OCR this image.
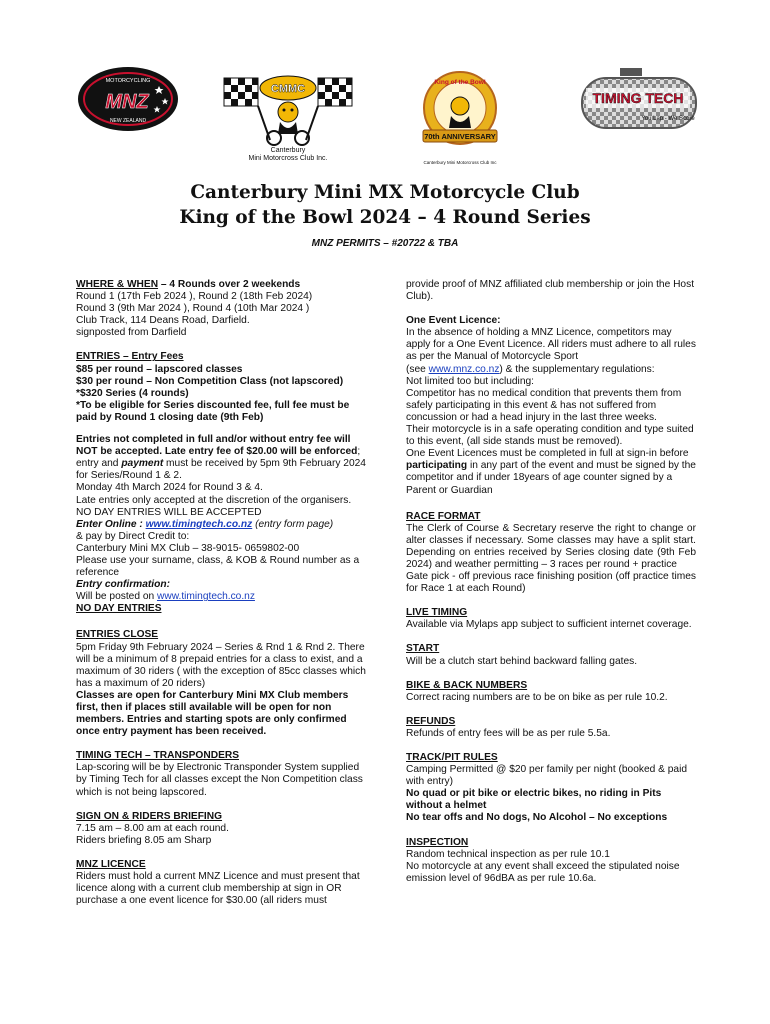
MOTORCYCLING
MNZ
NEW ZEALAND
CMMC
Canterbury
Mini Motorcross Club Inc.
King of the Bowl
70th ANNIVERSARY
Canterbury Mini Motorcross Club Inc
TIMING TECH
You Lap - We Score
Canterbury Mini MX Motorcycle Club
King of the Bowl 2024 – 4 Round Series
MNZ PERMITS – #20722 & TBA
WHERE & WHEN – 4 Rounds over 2 weekends
Round 1 (17th Feb 2024 ), Round 2 (18th Feb 2024)
Round 3 (9th Mar 2024 ), Round 4 (10th Mar 2024 )
Club Track, 114 Deans Road, Darfield.
signposted from Darfield
ENTRIES – Entry Fees
$85 per round – lapscored classes
$30 per round – Non Competition Class (not lapscored)
*$320 Series (4 rounds)
*To be eligible for Series discounted fee, full fee must be paid by Round 1 closing date (9th Feb)
Entries not completed in full and/or without entry fee will NOT be accepted. Late entry fee of $20.00 will be enforced; entry and payment must be received by 5pm 9th February 2024 for Series/Round 1 & 2.
Monday 4th March 2024 for Round 3 & 4.
Late entries only accepted at the discretion of the organisers.
NO DAY ENTRIES WILL BE ACCEPTED
Enter Online : www.timingtech.co.nz (entry form page)
& pay by Direct Credit to:
Canterbury Mini MX Club – 38-9015- 0659802-00
Please use your surname, class, & KOB & Round number as a reference
Entry confirmation:
Will be posted on www.timingtech.co.nz
NO DAY ENTRIES
ENTRIES CLOSE
5pm Friday 9th February 2024 – Series & Rnd 1 & Rnd 2. There will be a minimum of 8 prepaid entries for a class to exist, and a maximum of 30 riders ( with the exception of 85cc classes which has a maximum of 20 riders)
Classes are open for Canterbury Mini MX Club members first, then if places still available will be open for non members. Entries and starting spots are only confirmed once entry payment has been received.
TIMING TECH – TRANSPONDERS
Lap-scoring will be by Electronic Transponder System supplied by Timing Tech for all classes except the Non Competition class which is not being lapscored.
SIGN ON & RIDERS BRIEFING
7.15 am – 8.00 am at each round.
Riders briefing 8.05 am Sharp
MNZ LICENCE
Riders must hold a current MNZ Licence and must present that licence along with a current club membership at sign in OR purchase a one event licence for $30.00 (all riders must
provide proof of MNZ affiliated club membership or join the Host Club).
One Event Licence:
In the absence of holding a MNZ Licence, competitors may apply for a One Event Licence. All riders must adhere to all rules as per the Manual of Motorcycle Sport
(see www.mnz.co.nz) & the supplementary regulations:
Not limited too but including:
Competitor has no medical condition that prevents them from safely participating in this event & has not suffered from concussion or had a head injury in the last three weeks.
Their motorcycle is in a safe operating condition and type suited to this event, (all side stands must be removed).
One Event Licences must be completed in full at sign-in before participating in any part of the event and must be signed by the competitor and if under 18years of age counter signed by a Parent or Guardian
RACE FORMAT
The Clerk of Course & Secretary reserve the right to change or alter classes if necessary. Some classes may have a split start. Depending on entries received by Series closing date (9th Feb 2024) and weather permitting – 3 races per round + practice
Gate pick - off previous race finishing position (off practice times for Race 1 at each Round)
LIVE TIMING
Available via Mylaps app subject to sufficient internet coverage.
START
Will be a clutch start behind backward falling gates.
BIKE & BACK NUMBERS
Correct racing numbers are to be on bike as per rule 10.2.
REFUNDS
Refunds of entry fees will be as per rule 5.5a.
TRACK/PIT RULES
Camping Permitted @ $20 per family per night (booked & paid with entry)
No quad or pit bike or electric bikes, no riding in Pits without a helmet
No tear offs and No dogs, No Alcohol – No exceptions
INSPECTION
Random technical inspection as per rule 10.1
No motorcycle at any event shall exceed the stipulated noise emission level of 96dBA as per rule 10.6a.
